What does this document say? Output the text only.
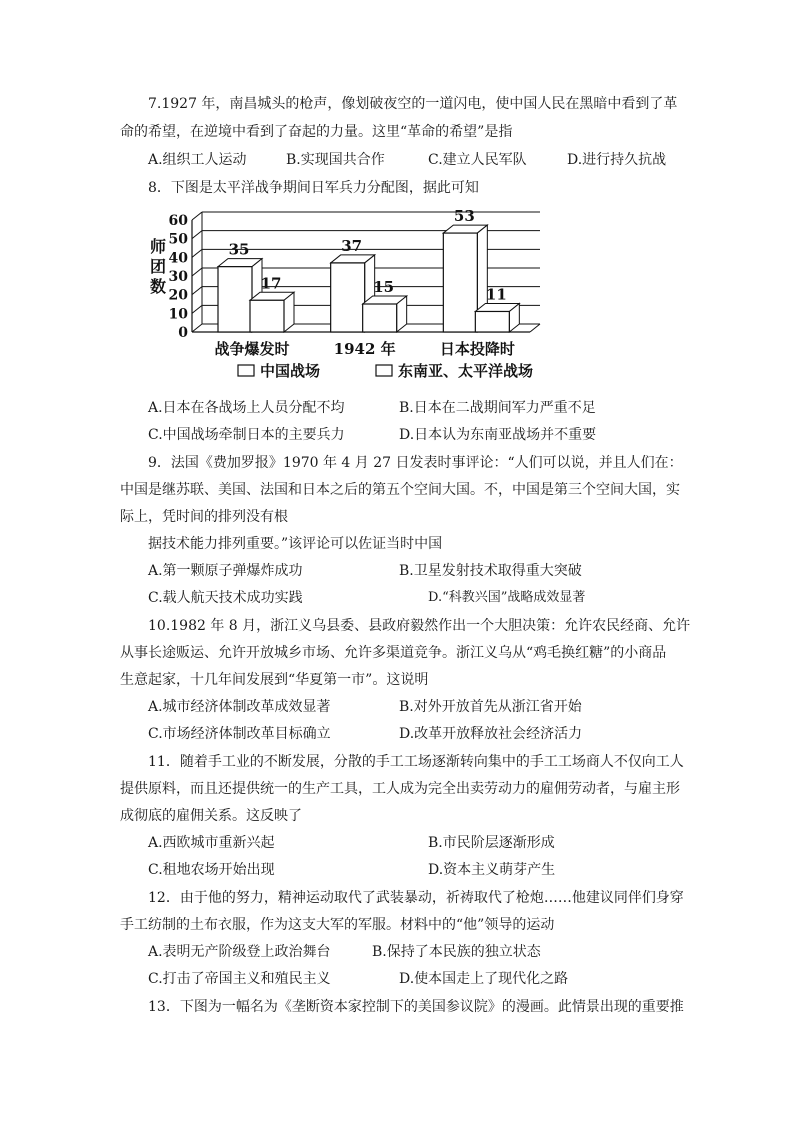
7.1927 年，南昌城头的枪声，像划破夜空的一道闪电，使中国人民在黑暗中看到了革
命的希望，在逆境中看到了奋起的力量。这里“革命的希望”是指
A.组织工人运动	B.实现国共合作	C.建立人民军队	D.进行持久抗战
8．下图是太平洋战争期间日军兵力分配图，据此可知
0
10
20
30
40
50
60
师
团
数
35
17
战争爆发时
37
15
1942 年
53
11
日本投降时
中国战场	东南亚、太平洋战场
A.日本在各战场上人员分配不均	B.日本在二战期间军力严重不足
C.中国战场牵制日本的主要兵力	D.日本认为东南亚战场并不重要
9．法国《费加罗报》1970 年 4 月 27 日发表时事评论：“人们可以说，并且人们在：
中国是继苏联、美国、法国和日本之后的第五个空间大国。不，中国是第三个空间大国，实
际上，凭时间的排列没有根
据技术能力排列重要。”该评论可以佐证当时中国
A.第一颗原子弹爆炸成功	B.卫星发射技术取得重大突破
C.载人航天技术成功实践	D.“科教兴国”战略成效显著
10.1982 年 8 月，浙江义乌县委、县政府毅然作出一个大胆决策：允许农民经商、允许
从事长途贩运、允许开放城乡市场、允许多渠道竞争。浙江义乌从“鸡毛换红糖”的小商品
生意起家，十几年间发展到“华夏第一市”。这说明
A.城市经济体制改革成效显著	B.对外开放首先从浙江省开始
C.市场经济体制改革目标确立	D.改革开放释放社会经济活力
11．随着手工业的不断发展，分散的手工工场逐渐转向集中的手工工场商人不仅向工人
提供原料，而且还提供统一的生产工具，工人成为完全出卖劳动力的雇佣劳动者，与雇主形
成彻底的雇佣关系。这反映了
A.西欧城市重新兴起	B.市民阶层逐渐形成
C.租地农场开始出现	D.资本主义萌芽产生
12．由于他的努力，精神运动取代了武装暴动，祈祷取代了枪炮……他建议同伴们身穿
手工纺制的土布衣服，作为这支大军的军服。材料中的“他”领导的运动
A.表明无产阶级登上政治舞台	B.保持了本民族的独立状态
C.打击了帝国主义和殖民主义	D.使本国走上了现代化之路
13．下图为一幅名为《垄断资本家控制下的美国参议院》的漫画。此情景出现的重要推
